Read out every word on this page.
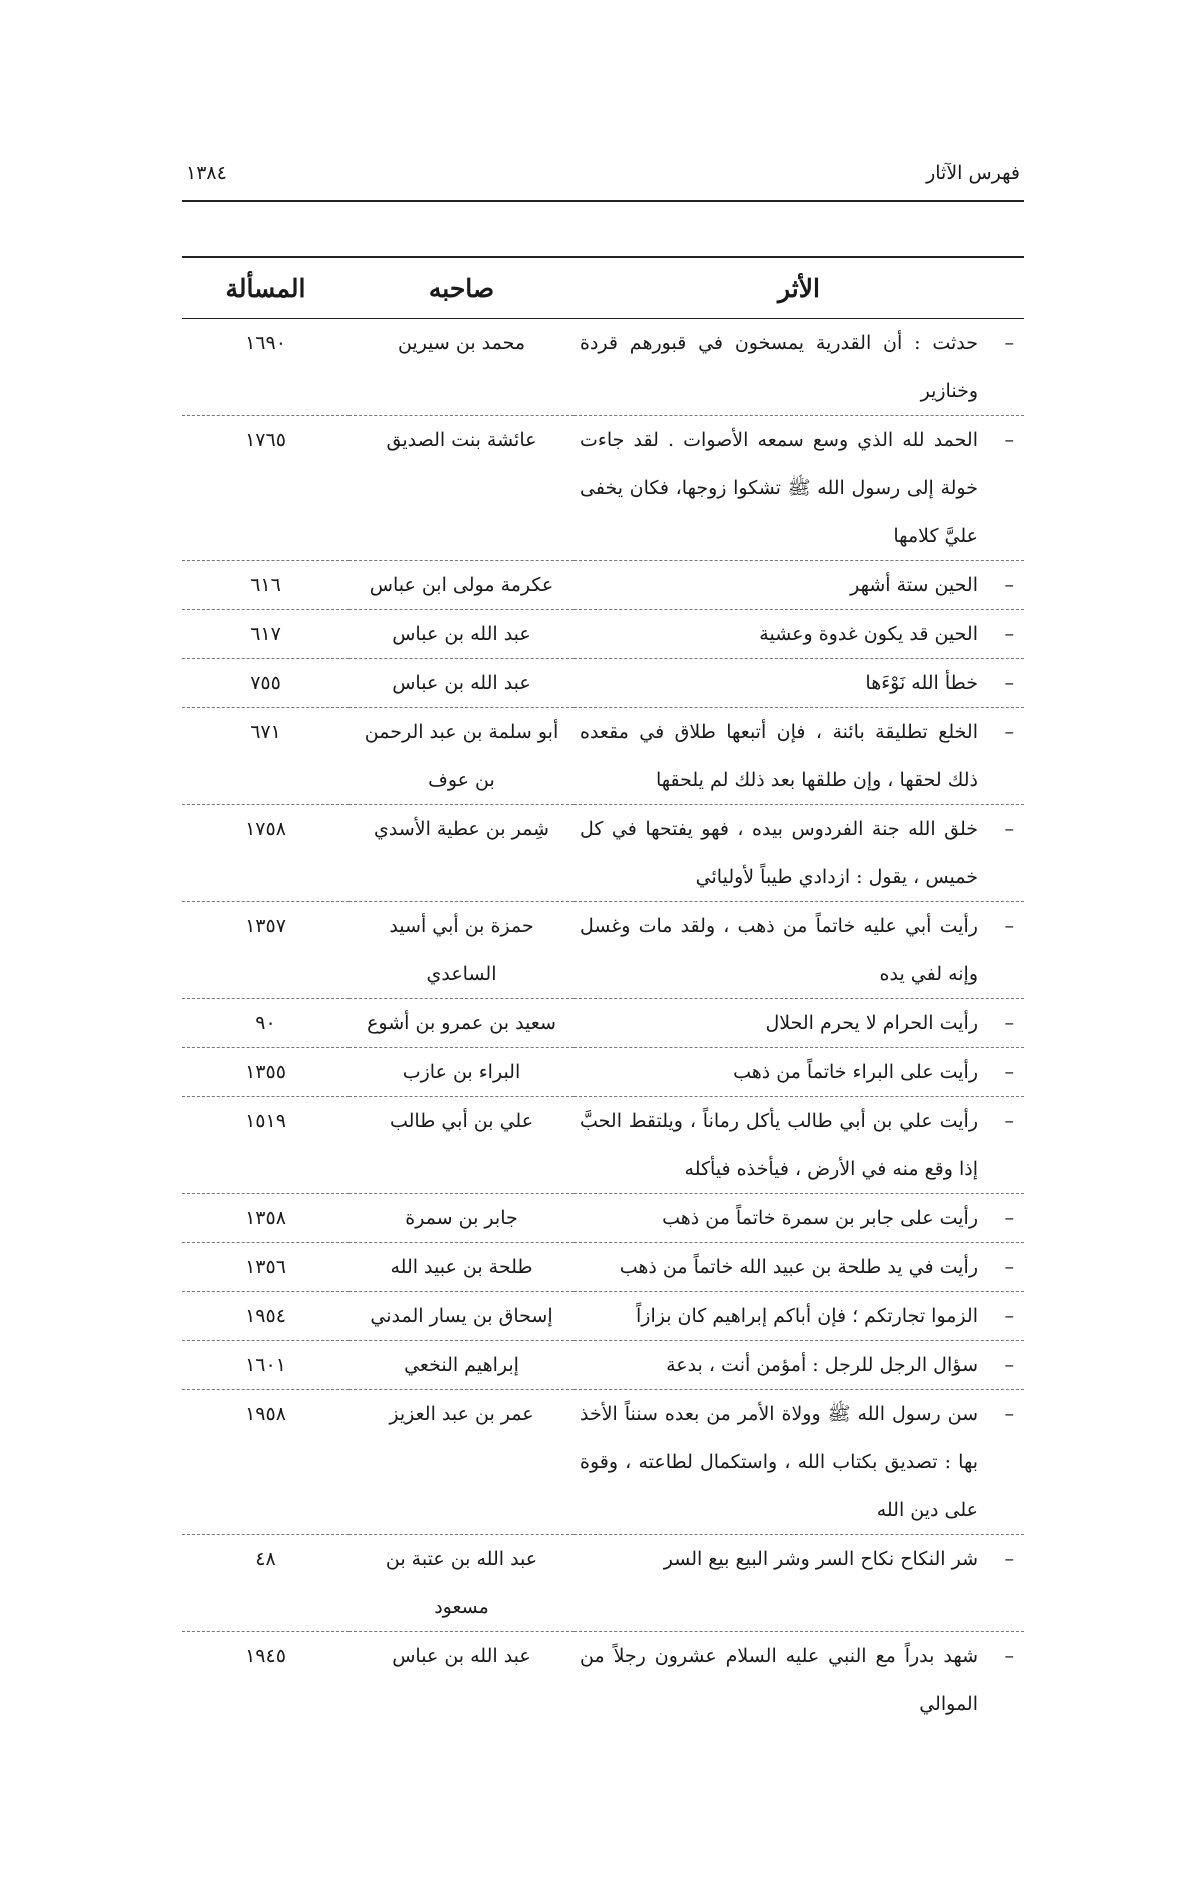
فهرس الآثار
١٣٨٤
الأثر	صاحبه	المسألة

–
حدثت : أن القدرية يمسخون في قبورهم قردة وخنازير	محمد بن سيرين	١٦٩٠

–
الحمد لله الذي وسع سمعه الأصوات . لقد جاءت خولة إلى رسول الله ﷺ تشكوا زوجها، فكان يخفى عليَّ كلامها	عائشة بنت الصديق	١٧٦٥

–
الحين ستة أشهر	عكرمة مولى ابن عباس	٦١٦

–
الحين قد يكون غدوة وعشية	عبد الله بن عباس	٦١٧

–
خطأ الله نَوْءَها	عبد الله بن عباس	٧٥٥

–
الخلع تطليقة بائنة ، فإن أتبعها طلاق في مقعده ذلك لحقها ، وإن طلقها بعد ذلك لم يلحقها	أبو سلمة بن عبد الرحمن بن عوف	٦٧١

–
خلق الله جنة الفردوس بيده ، فهو يفتحها في كل خميس ، يقول : ازدادي طيباً لأوليائي	شِمر بن عطية الأسدي	١٧٥٨

–
رأيت أبي عليه خاتماً من ذهب ، ولقد مات وغسل وإنه لفي يده	حمزة بن أبي أسيد الساعدي	١٣٥٧

–
رأيت الحرام لا يحرم الحلال	سعيد بن عمرو بن أشوع	٩٠

–
رأيت على البراء خاتماً من ذهب	البراء بن عازب	١٣٥٥

–
رأيت علي بن أبي طالب يأكل رماناً ، ويلتقط الحبَّ إذا وقع منه في الأرض ، فيأخذه فيأكله	علي بن أبي طالب	١٥١٩

–
رأيت على جابر بن سمرة خاتماً من ذهب	جابر بن سمرة	١٣٥٨

–
رأيت في يد طلحة بن عبيد الله خاتماً من ذهب	طلحة بن عبيد الله	١٣٥٦

–
الزموا تجارتكم ؛ فإن أباكم إبراهيم كان بزازاً	إسحاق بن يسار المدني	١٩٥٤

–
سؤال الرجل للرجل : أمؤمن أنت ، بدعة	إبراهيم النخعي	١٦٠١

–
سن رسول الله ﷺ وولاة الأمر من بعده سنناً الأخذ بها : تصديق بكتاب الله ، واستكمال لطاعته ، وقوة على دين الله	عمر بن عبد العزيز	١٩٥٨

–
شر النكاح نكاح السر وشر البيع بيع السر	عبد الله بن عتبة بن مسعود	٤٨

–
شهد بدراً مع النبي عليه السلام عشرون رجلاً من الموالي	عبد الله بن عباس	١٩٤٥
